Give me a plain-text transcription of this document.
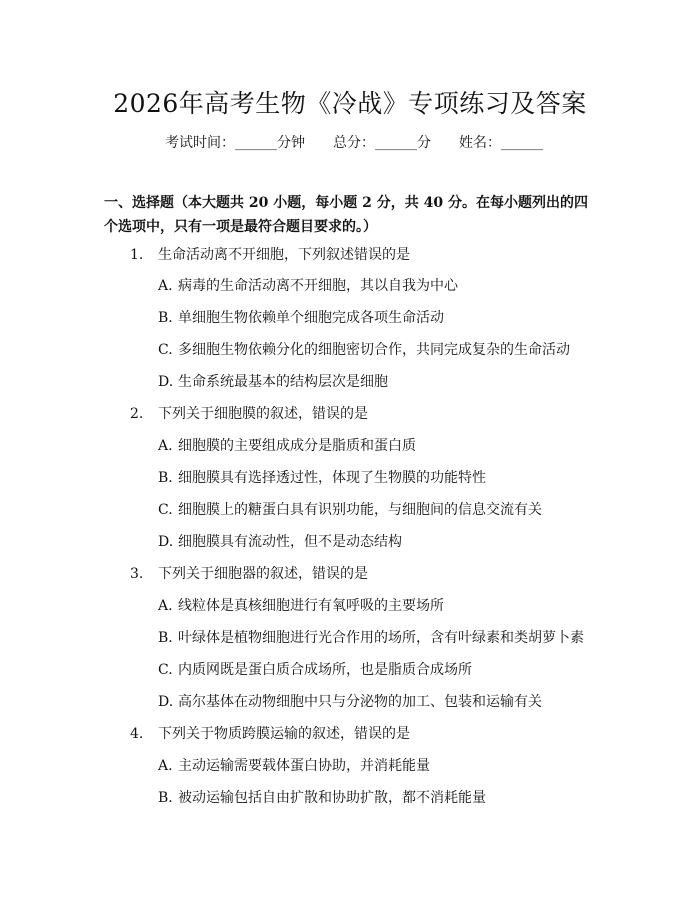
2026年高考生物《冷战》专项练习及答案
考试时间：______分钟 总分：______分 姓名：______

一、选择题（本大题共 20 小题，每小题 2 分，共 40 分。在每小题列出的四个选项中，只有一项是最符合题目要求的。）

1. 生命活动离不开细胞，下列叙述错误的是
A. 病毒的生命活动离不开细胞，其以自我为中心
B. 单细胞生物依赖单个细胞完成各项生命活动
C. 多细胞生物依赖分化的细胞密切合作，共同完成复杂的生命活动
D. 生命系统最基本的结构层次是细胞
2. 下列关于细胞膜的叙述，错误的是
A. 细胞膜的主要组成成分是脂质和蛋白质
B. 细胞膜具有选择透过性，体现了生物膜的功能特性
C. 细胞膜上的糖蛋白具有识别功能，与细胞间的信息交流有关
D. 细胞膜具有流动性，但不是动态结构
3. 下列关于细胞器的叙述，错误的是
A. 线粒体是真核细胞进行有氧呼吸的主要场所
B. 叶绿体是植物细胞进行光合作用的场所，含有叶绿素和类胡萝卜素
C. 内质网既是蛋白质合成场所，也是脂质合成场所
D. 高尔基体在动物细胞中只与分泌物的加工、包装和运输有关
4. 下列关于物质跨膜运输的叙述，错误的是
A. 主动运输需要载体蛋白协助，并消耗能量
B. 被动运输包括自由扩散和协助扩散，都不消耗能量
